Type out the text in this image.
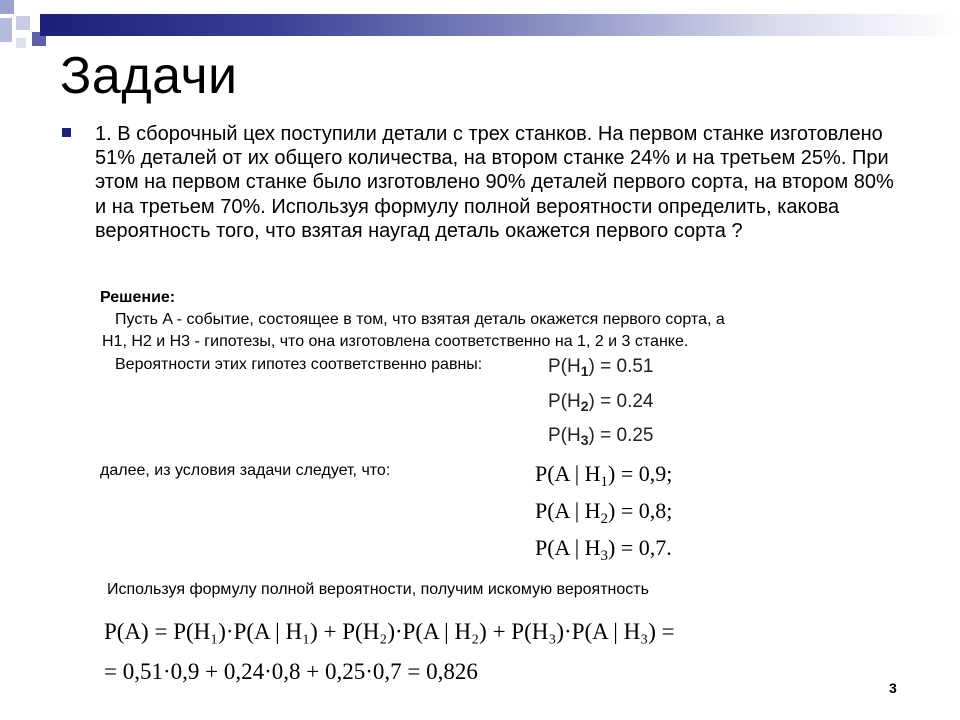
Задачи
1. В сборочный цех поступили детали с трех станков. На первом станке изготовлено 51% деталей от их общего количества, на втором станке 24% и на третьем 25%. При этом на первом станке было изготовлено 90% деталей первого сорта, на втором 80% и на третьем 70%. Используя формулу полной вероятности определить, какова вероятность того, что взятая наугад деталь окажется первого сорта ?
Решение:
Пусть A - событие, состоящее в том, что взятая деталь окажется первого сорта, а
H1, H2 и H3 - гипотезы, что она изготовлена соответственно на 1, 2 и 3 станке.
Вероятности этих гипотез соответственно равны:	$P(H_1) = 0.51$
$P(H_2) = 0.24$
$P(H_3) = 0.25$
далее, из условия задачи следует, что:	P(A | $H_1) = 0,9$;
P(A | $H_2) = 0,8$;
P(A | $H_3) = 0,7$.
Используя формулу полной вероятности, получим искомую вероятность
P(A) = P(H₁)·P(A | H₁) + P(H₂)·P(A | H₂) + P(H₃)·P(A | H₃) =
= 0,51·0,9 + 0,24·0,8 + 0,25·0,7 = 0,826
3
